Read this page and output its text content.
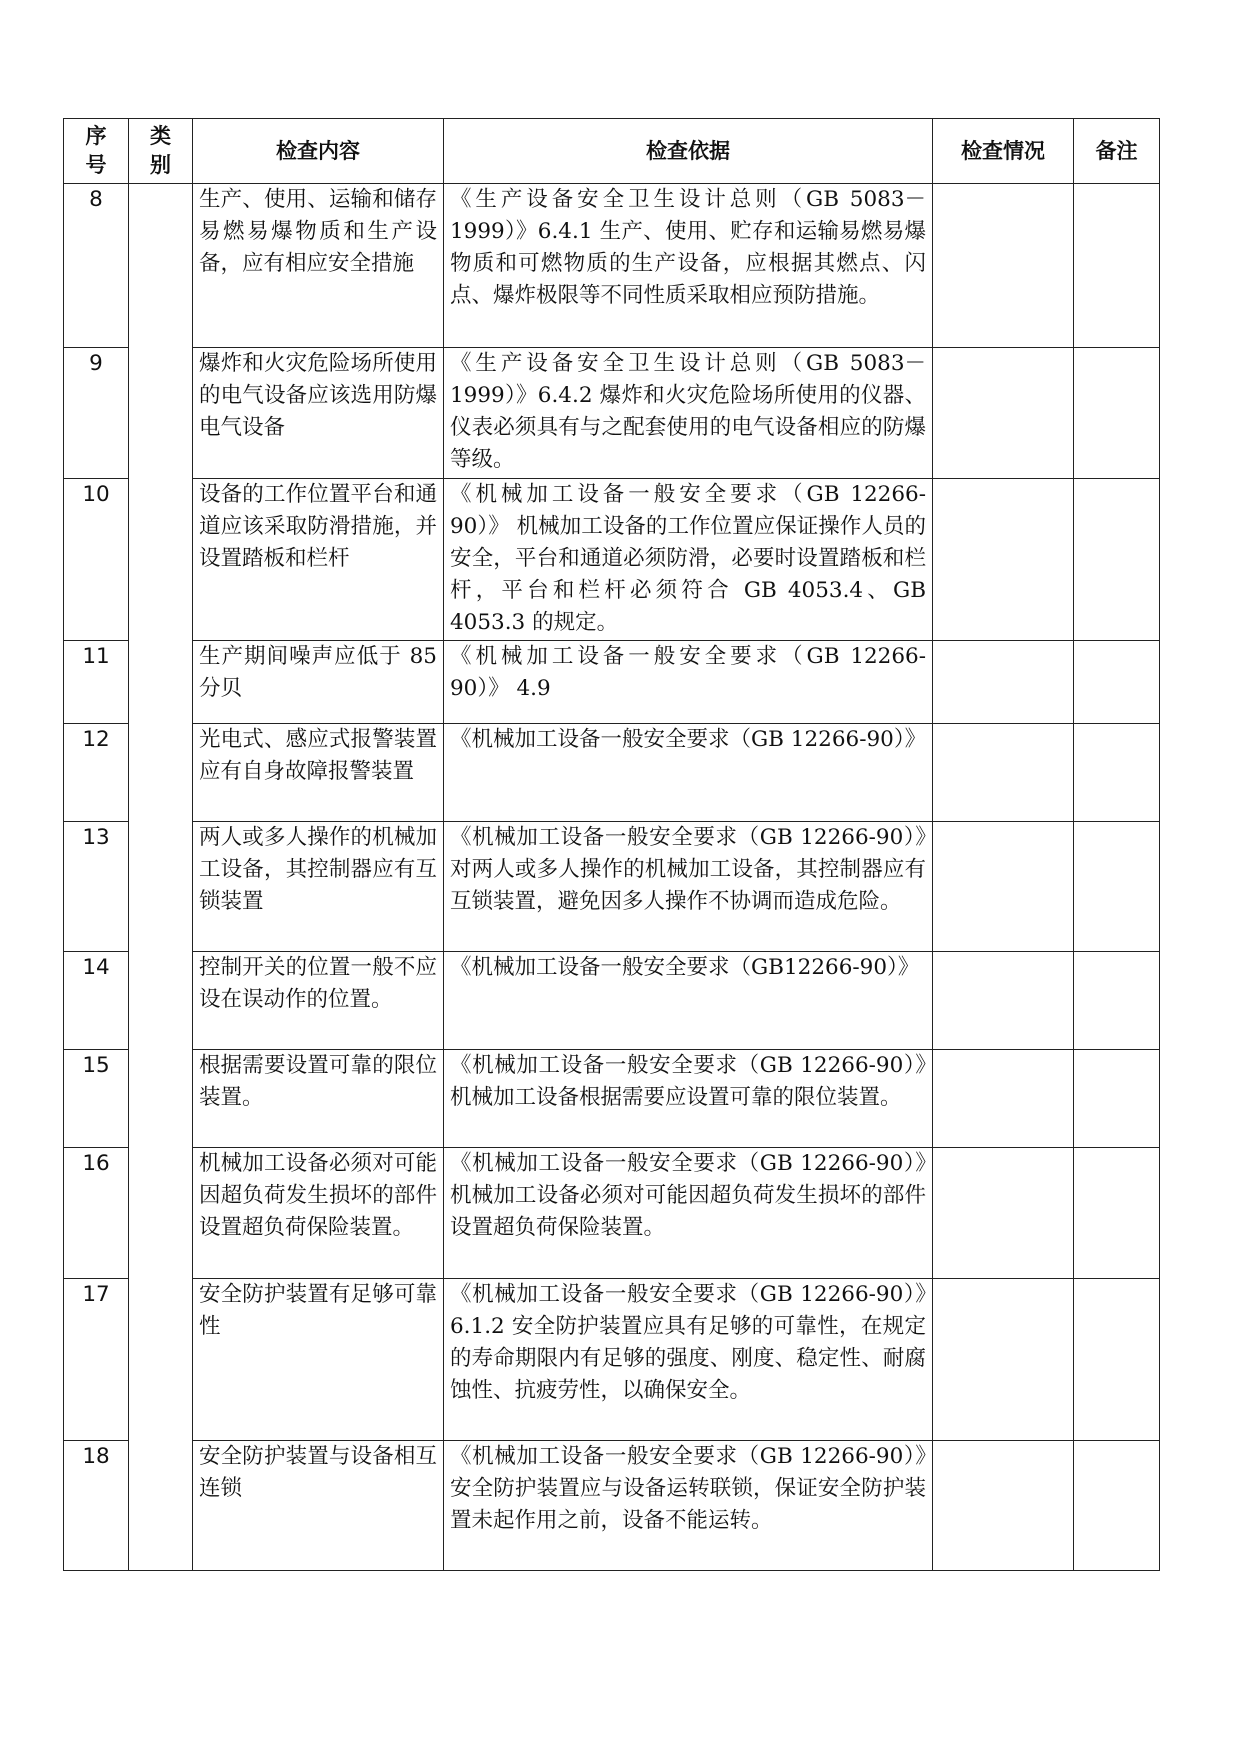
序号	类别	检查内容	检查依据	检查情况	备注
8		生产、使用、运输和储存易燃易爆物质和生产设备，应有相应安全措施	《生产设备安全卫生设计总则（GB 5083－1999）》6.4.1 生产、使用、贮存和运输易燃易爆物质和可燃物质的生产设备，应根据其燃点、闪点、爆炸极限等不同性质采取相应预防措施。		
9		爆炸和火灾危险场所使用的电气设备应该选用防爆电气设备	《生产设备安全卫生设计总则（GB 5083－1999）》6.4.2 爆炸和火灾危险场所使用的仪器、仪表必须具有与之配套使用的电气设备相应的防爆等级。		
10		设备的工作位置平台和通道应该采取防滑措施，并设置踏板和栏杆	《机械加工设备一般安全要求（GB 12266-90）》 机械加工设备的工作位置应保证操作人员的安全，平台和通道必须防滑，必要时设置踏板和栏杆，平台和栏杆必须符合 GB 4053.4、GB 4053.3 的规定。		
11		生产期间噪声应低于 85 分贝	《机械加工设备一般安全要求（GB 12266-90）》 4.9		
12		光电式、感应式报警装置应有自身故障报警装置	《机械加工设备一般安全要求（GB 12266-90）》		
13		两人或多人操作的机械加工设备，其控制器应有互锁装置	《机械加工设备一般安全要求（GB 12266-90）》对两人或多人操作的机械加工设备，其控制器应有互锁装置，避免因多人操作不协调而造成危险。		
14		控制开关的位置一般不应设在误动作的位置。	《机械加工设备一般安全要求（GB12266-90）》		
15		根据需要设置可靠的限位装置。	《机械加工设备一般安全要求（GB 12266-90）》机械加工设备根据需要应设置可靠的限位装置。		
16		机械加工设备必须对可能因超负荷发生损坏的部件设置超负荷保险装置。	《机械加工设备一般安全要求（GB 12266-90）》机械加工设备必须对可能因超负荷发生损坏的部件设置超负荷保险装置。		
17		安全防护装置有足够可靠性	《机械加工设备一般安全要求（GB 12266-90）》6.1.2 安全防护装置应具有足够的可靠性，在规定的寿命期限内有足够的强度、刚度、稳定性、耐腐蚀性、抗疲劳性，以确保安全。		
18		安全防护装置与设备相互连锁	《机械加工设备一般安全要求（GB 12266-90）》安全防护装置应与设备运转联锁，保证安全防护装置未起作用之前，设备不能运转。		
